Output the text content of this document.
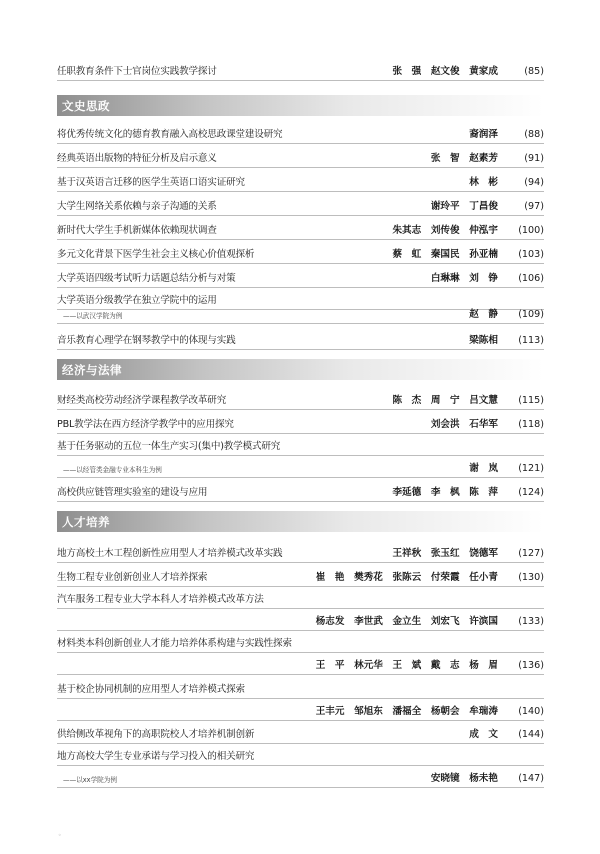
任职教育条件下士官岗位实践教学探讨	张　强　赵文俊　黄家成	(85)
文史思政
将优秀传统文化的德育教育融入高校思政课堂建设研究	裔润泽	(88)
经典英语出版物的特征分析及启示意义	张　智　赵素芳	(91)
基于汉英语言迁移的医学生英语口语实证研究	林　彬	(94)
大学生网络关系依赖与亲子沟通的关系	谢玲平　丁昌俊	(97)
新时代大学生手机新媒体依赖现状调查	朱其志　刘传俊　仲泓宇 (100)
多元文化背景下医学生社会主义核心价值观探析	蔡　虹　秦国民　孙亚楠 (103)
大学英语四级考试听力话题总结分析与对策	白琳琳　刘　铮 (106)
大学英语分级教学在独立学院中的运用
——以武汉学院为例	赵　静 (109)
音乐教育心理学在钢琴教学中的体现与实践	梁陈相 (113)
经济与法律
财经类高校劳动经济学课程教学改革研究	陈　杰　周　宁　吕文慧 (115)
PBL教学法在西方经济学教学中的应用探究	刘会洪　石华军 (118)
基于任务驱动的五位一体生产实习(集中)教学模式研究
——以经管类金融专业本科生为例	谢　岚 (121)
高校供应链管理实验室的建设与应用	李延德　李　枫　陈　萍 (124)
人才培养
地方高校土木工程创新性应用型人才培养模式改革实践	王祥秋　张玉红　饶德军 (127)
生物工程专业创新创业人才培养探索	崔　艳　樊秀花　张陈云　付荣霞　任小青 (130)
汽车服务工程专业大学本科人才培养模式改革方法
杨志发　李世武　金立生　刘宏飞　许滨国 (133)
材料类本科创新创业人才能力培养体系构建与实践性探索
王　平　林元华　王　斌　戴　志　杨　眉 (136)
基于校企协同机制的应用型人才培养模式探索
王丰元　邹旭东　潘福全　杨朝会　牟瑞涛 (140)
供给侧改革视角下的高职院校人才培养机制创新	成　文 (144)
地方高校大学生专业承诺与学习投入的相关研究
——以xx学院为例	安晓镜　杨未艳 (147)
◦
